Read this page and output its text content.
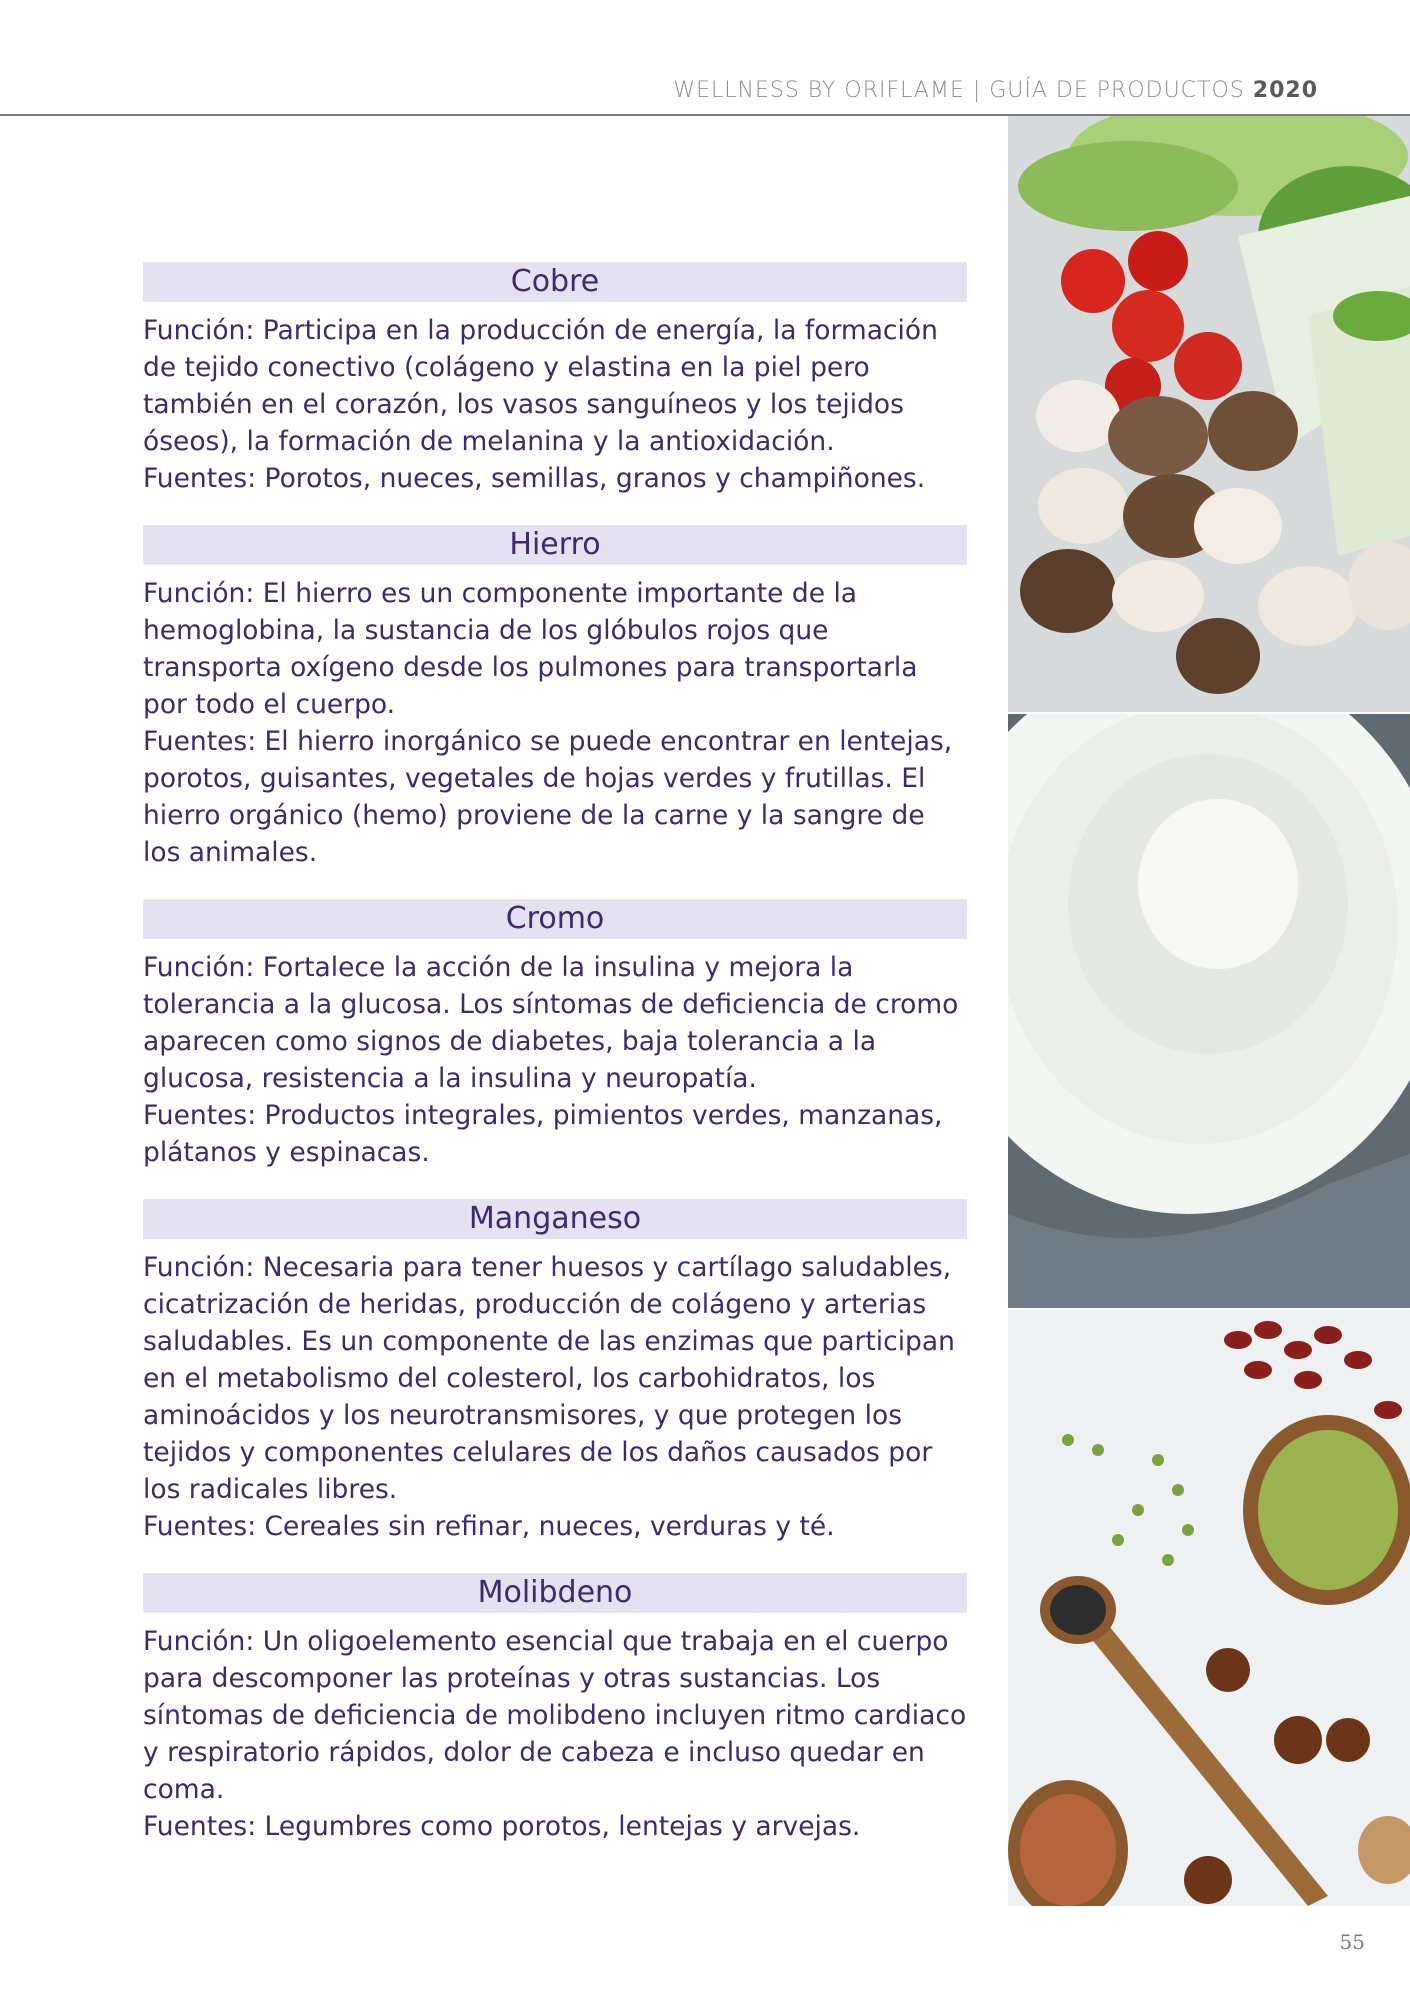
WELLNESS BY ORIFLAME | GUÍA DE PRODUCTOS 2020
Cobre
Función: Participa en la producción de energía, la formación de tejido conectivo (colágeno y elastina en la piel pero también en el corazón, los vasos sanguíneos y los tejidos óseos), la formación de melanina y la antioxidación.
Fuentes: Porotos, nueces, semillas, granos y champiñones.
Hierro
Función: El hierro es un componente importante de la hemoglobina, la sustancia de los glóbulos rojos que transporta oxígeno desde los pulmones para transportarla por todo el cuerpo.
Fuentes: El hierro inorgánico se puede encontrar en lentejas, porotos, guisantes, vegetales de hojas verdes y frutillas. El hierro orgánico (hemo) proviene de la carne y la sangre de los animales.
Cromo
Función: Fortalece la acción de la insulina y mejora la tolerancia a la glucosa. Los síntomas de deficiencia de cromo aparecen como signos de diabetes, baja tolerancia a la glucosa, resistencia a la insulina y neuropatía.
Fuentes: Productos integrales, pimientos verdes, manzanas, plátanos y espinacas.
Manganeso
Función: Necesaria para tener huesos y cartílago saludables, cicatrización de heridas, producción de colágeno y arterias saludables. Es un componente de las enzimas que participan en el metabolismo del colesterol, los carbohidratos, los aminoácidos y los neurotransmisores, y que protegen los tejidos y componentes celulares de los daños causados por los radicales libres.
Fuentes: Cereales sin refinar, nueces, verduras y té.
Molibdeno
Función: Un oligoelemento esencial que trabaja en el cuerpo para descomponer las proteínas y otras sustancias. Los síntomas de deficiencia de molibdeno incluyen ritmo cardiaco y respiratorio rápidos, dolor de cabeza e incluso quedar en coma.
Fuentes: Legumbres como porotos, lentejas y arvejas.
55
